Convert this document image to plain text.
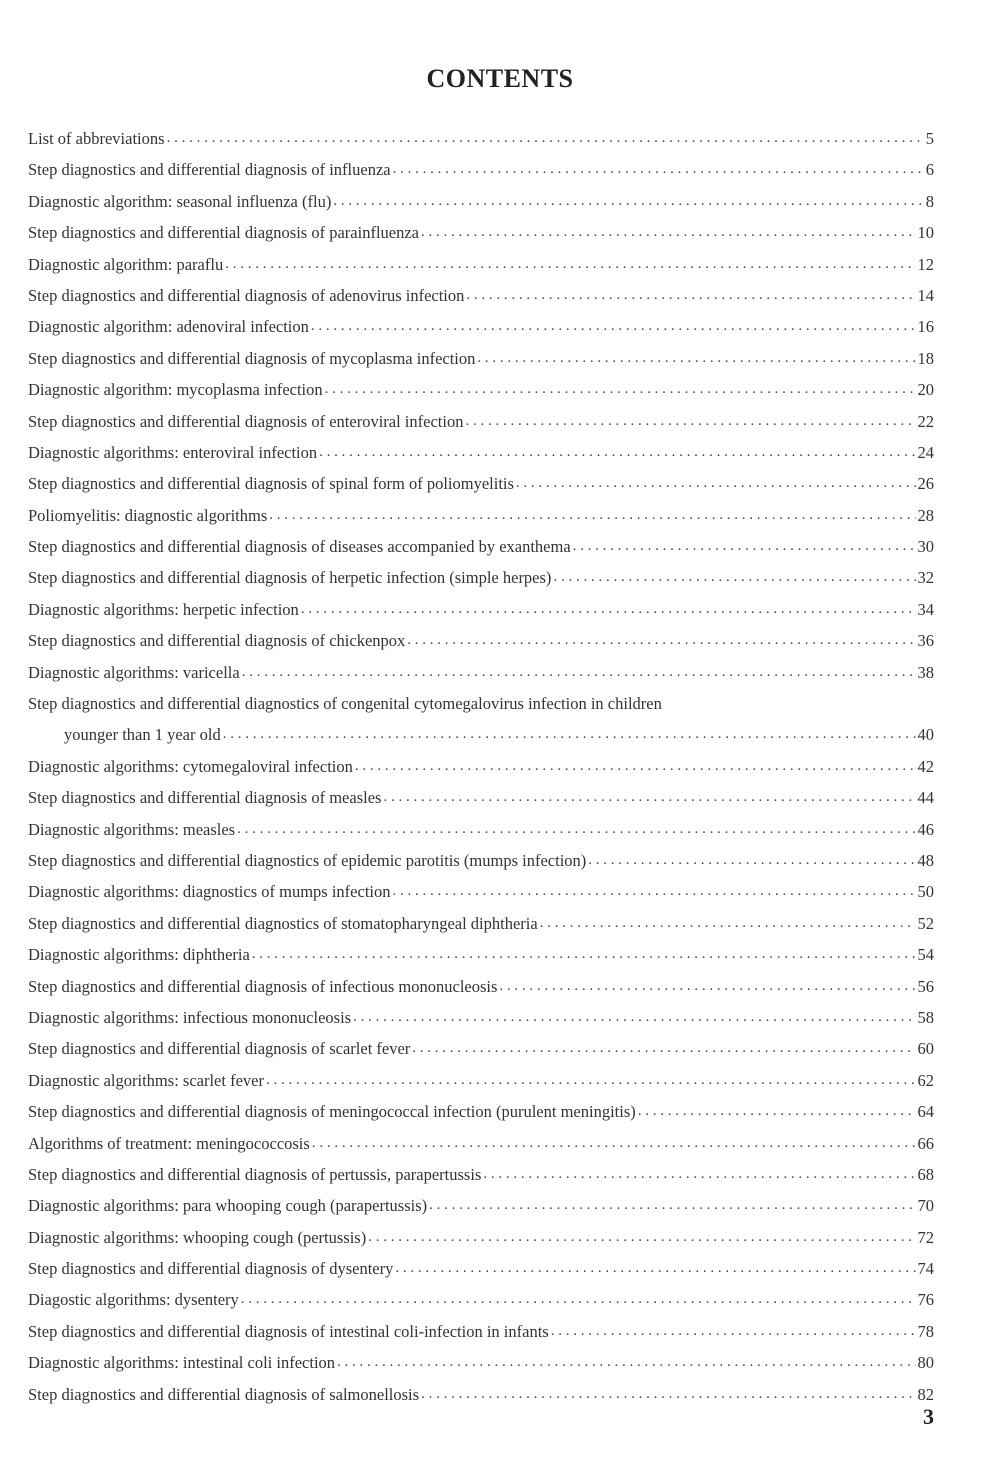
CONTENTS
List of abbreviations . . .	5
Step diagnostics and differential diagnosis of influenza . . .	6
Diagnostic algorithm: seasonal influenza (flu) . . .	8
Step diagnostics and differential diagnosis of parainfluenza . . .	10
Diagnostic algorithm: paraflu . . .	12
Step diagnostics and differential diagnosis of adenovirus infection . . .	14
Diagnostic algorithm: adenoviral infection . . .	16
Step diagnostics and differential diagnosis of mycoplasma infection . . .	18
Diagnostic algorithm: mycoplasma infection . . .	20
Step diagnostics and differential diagnosis of enteroviral infection . . .	22
Diagnostic algorithms: enteroviral infection . . .	24
Step diagnostics and differential diagnosis of spinal form of poliomyelitis . . .	26
Poliomyelitis: diagnostic algorithms . . .	28
Step diagnostics and differential diagnosis of diseases accompanied by exanthema . . .	30
Step diagnostics and differential diagnosis of herpetic infection (simple herpes) . . .	32
Diagnostic algorithms: herpetic infection . . .	34
Step diagnostics and differential diagnosis of chickenpox . . .	36
Diagnostic algorithms: varicella . . .	38
Step diagnostics and differential diagnostics of congenital cytomegalovirus infection in children
younger than 1 year old . . .	40
Diagnostic algorithms: cytomegaloviral infection . . .	42
Step diagnostics and differential diagnosis of measles . . .	44
Diagnostic algorithms: measles . . .	46
Step diagnostics and differential diagnostics of epidemic parotitis (mumps infection) . . .	48
Diagnostic algorithms: diagnostics of mumps infection . . .	50
Step diagnostics and differential diagnostics of stomatopharyngeal diphtheria . . .	52
Diagnostic algorithms: diphtheria . . .	54
Step diagnostics and differential diagnosis of infectious mononucleosis . . .	56
Diagnostic algorithms: infectious mononucleosis . . .	58
Step diagnostics and differential diagnosis of scarlet fever . . .	60
Diagnostic algorithms: scarlet fever . . .	62
Step diagnostics and differential diagnosis of meningococcal infection (purulent meningitis) . . .	64
Algorithms of treatment: meningococcosis . . .	66
Step diagnostics and differential diagnosis of pertussis, parapertussis . . .	68
Diagnostic algorithms: para whooping cough (parapertussis) . . .	70
Diagnostic algorithms: whooping cough (pertussis) . . .	72
Step diagnostics and differential diagnosis of dysentery . . .	74
Diagostic algorithms: dysentery . . .	76
Step diagnostics and differential diagnosis of intestinal coli-infection in infants . . .	78
Diagnostic algorithms: intestinal coli infection . . .	80
Step diagnostics and differential diagnosis of salmonellosis . . .	82
3
